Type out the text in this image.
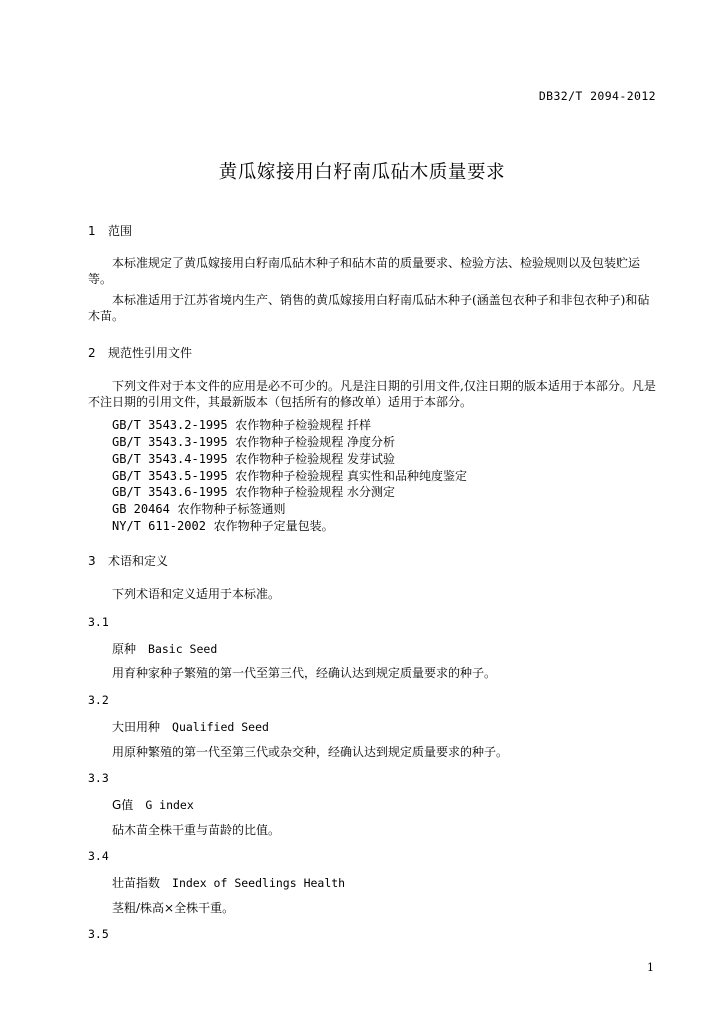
DB32/T 2094-2012
黄瓜嫁接用白籽南瓜砧木质量要求
1 范围
本标准规定了黄瓜嫁接用白籽南瓜砧木种子和砧木苗的质量要求、检验方法、检验规则以及包装贮运等。
本标准适用于江苏省境内生产、销售的黄瓜嫁接用白籽南瓜砧木种子(涵盖包衣种子和非包衣种子)和砧木苗。
2 规范性引用文件
下列文件对于本文件的应用是必不可少的。凡是注日期的引用文件,仅注日期的版本适用于本部分。凡是不注日期的引用文件，其最新版本（包括所有的修改单）适用于本部分。
GB/T 3543.2-1995 农作物种子检验规程 扦样
GB/T 3543.3-1995 农作物种子检验规程 净度分析
GB/T 3543.4-1995 农作物种子检验规程 发芽试验
GB/T 3543.5-1995 农作物种子检验规程 真实性和品种纯度鉴定
GB/T 3543.6-1995 农作物种子检验规程 水分测定
GB 20464 农作物种子标签通则
NY/T 611-2002 农作物种子定量包装。
3 术语和定义
下列术语和定义适用于本标准。
3.1
原种 Basic Seed
用育种家种子繁殖的第一代至第三代，经确认达到规定质量要求的种子。
3.2
大田用种 Qualified Seed
用原种繁殖的第一代至第三代或杂交种，经确认达到规定质量要求的种子。
3.3
G值 G index
砧木苗全株干重与苗龄的比值。
3.4
壮苗指数 Index of Seedlings Health
茎粗/株高×全株干重。
3.5
1
